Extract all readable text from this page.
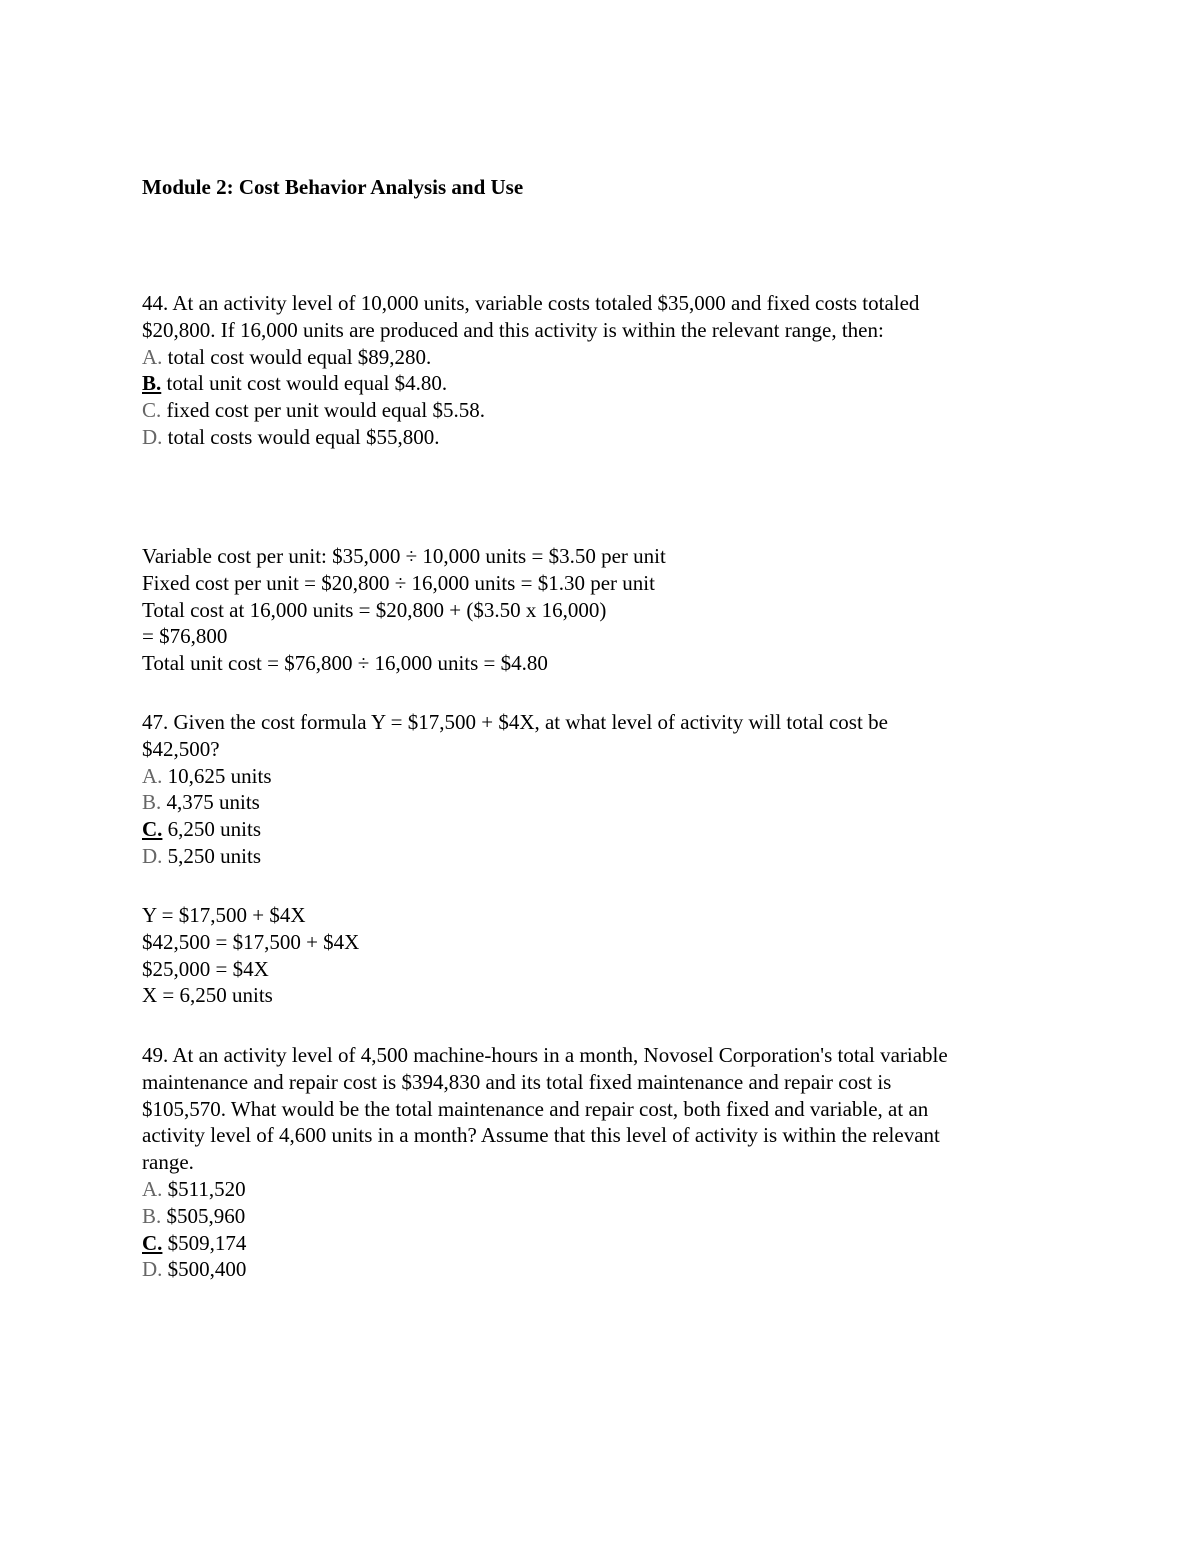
Module 2: Cost Behavior Analysis and Use
44. At an activity level of 10,000 units, variable costs totaled $35,000 and fixed costs totaled
$20,800. If 16,000 units are produced and this activity is within the relevant range, then:
A. total cost would equal $89,280.
B. total unit cost would equal $4.80.
C. fixed cost per unit would equal $5.58.
D. total costs would equal $55,800.
Variable cost per unit: $35,000 ÷ 10,000 units = $3.50 per unit
Fixed cost per unit = $20,800 ÷ 16,000 units = $1.30 per unit
Total cost at 16,000 units = $20,800 + ($3.50 x 16,000)
= $76,800
Total unit cost = $76,800 ÷ 16,000 units = $4.80
47. Given the cost formula Y = $17,500 + $4X, at what level of activity will total cost be
$42,500?
A. 10,625 units
B. 4,375 units
C. 6,250 units
D. 5,250 units
Y = $17,500 + $4X
$42,500 = $17,500 + $4X
$25,000 = $4X
X = 6,250 units
49. At an activity level of 4,500 machine-hours in a month, Novosel Corporation's total variable
maintenance and repair cost is $394,830 and its total fixed maintenance and repair cost is
$105,570. What would be the total maintenance and repair cost, both fixed and variable, at an
activity level of 4,600 units in a month? Assume that this level of activity is within the relevant
range.
A. $511,520
B. $505,960
C. $509,174
D. $500,400
